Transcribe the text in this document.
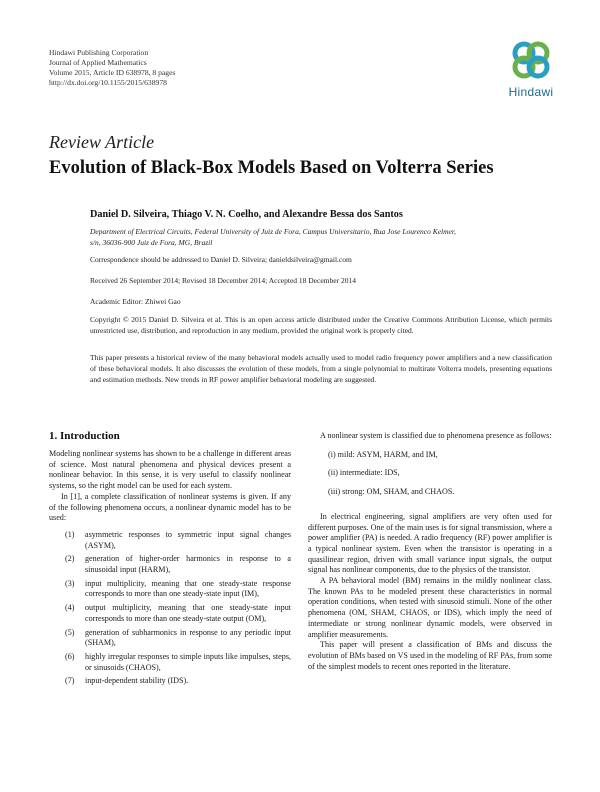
Hindawi Publishing Corporation
Journal of Applied Mathematics
Volume 2015, Article ID 638978, 8 pages
http://dx.doi.org/10.1155/2015/638978
Hindawi
Review Article
Evolution of Black-Box Models Based on Volterra Series
Daniel D. Silveira, Thiago V. N. Coelho, and Alexandre Bessa dos Santos
Department of Electrical Circuits, Federal University of Juiz de Fora, Campus Universitario, Rua Jose Lourenco Kelmer,
s/n, 36036-900 Juiz de Fora, MG, Brazil
Correspondence should be addressed to Daniel D. Silveira; danieldsilveira@gmail.com
Received 26 September 2014; Revised 18 December 2014; Accepted 18 December 2014
Academic Editor: Zhiwei Gao
Copyright © 2015 Daniel D. Silveira et al. This is an open access article distributed under the Creative Commons Attribution License, which permits unrestricted use, distribution, and reproduction in any medium, provided the original work is properly cited.
This paper presents a historical review of the many behavioral models actually used to model radio frequency power amplifiers and a new classification of these behavioral models. It also discusses the evolution of these models, from a single polynomial to multirate Volterra models, presenting equations and estimation methods. New trends in RF power amplifier behavioral modeling are suggested.
1. Introduction

Modeling nonlinear systems has shown to be a challenge in different areas of science. Most natural phenomena and physical devices present a nonlinear behavior. In this sense, it is very useful to classify nonlinear systems, so the right model can be used for each system.

In [1], a complete classification of nonlinear systems is given. If any of the following phenomena occurs, a nonlinear dynamic model has to be used:

(1)	asymmetric responses to symmetric input signal changes (ASYM),
(2)	generation of higher-order harmonics in response to a sinusoidal input (HARM),
(3)	input multiplicity, meaning that one steady-state response corresponds to more than one steady-state input (IM),
(4)	output multiplicity, meaning that one steady-state input corresponds to more than one steady-state output (OM),
(5)	generation of subharmonics in response to any periodic input (SHAM),
(6)	highly irregular responses to simple inputs like impulses, steps, or sinusoids (CHAOS),
(7)	input-dependent stability (IDS).

A nonlinear system is classified due to phenomena presence as follows:

(i) mild: ASYM, HARM, and IM,

(ii) intermediate: IDS,

(iii) strong: OM, SHAM, and CHAOS.

In electrical engineering, signal amplifiers are very often used for different purposes. One of the main uses is for signal transmission, where a power amplifier (PA) is needed. A radio frequency (RF) power amplifier is a typical nonlinear system. Even when the transistor is operating in a quasilinear region, driven with small variance input signals, the output signal has nonlinear components, due to the physics of the transistor.

A PA behavioral model (BM) remains in the mildly nonlinear class. The known PAs to be modeled present these characteristics in normal operation conditions, when tested with sinusoid stimuli. None of the other phenomena (OM, SHAM, CHAOS, or IDS), which imply the need of intermediate or strong nonlinear dynamic models, were observed in amplifier measurements.

This paper will present a classification of BMs and discuss the evolution of BMs based on VS used in the modeling of RF PAs, from some of the simplest models to recent ones reported in the literature.
